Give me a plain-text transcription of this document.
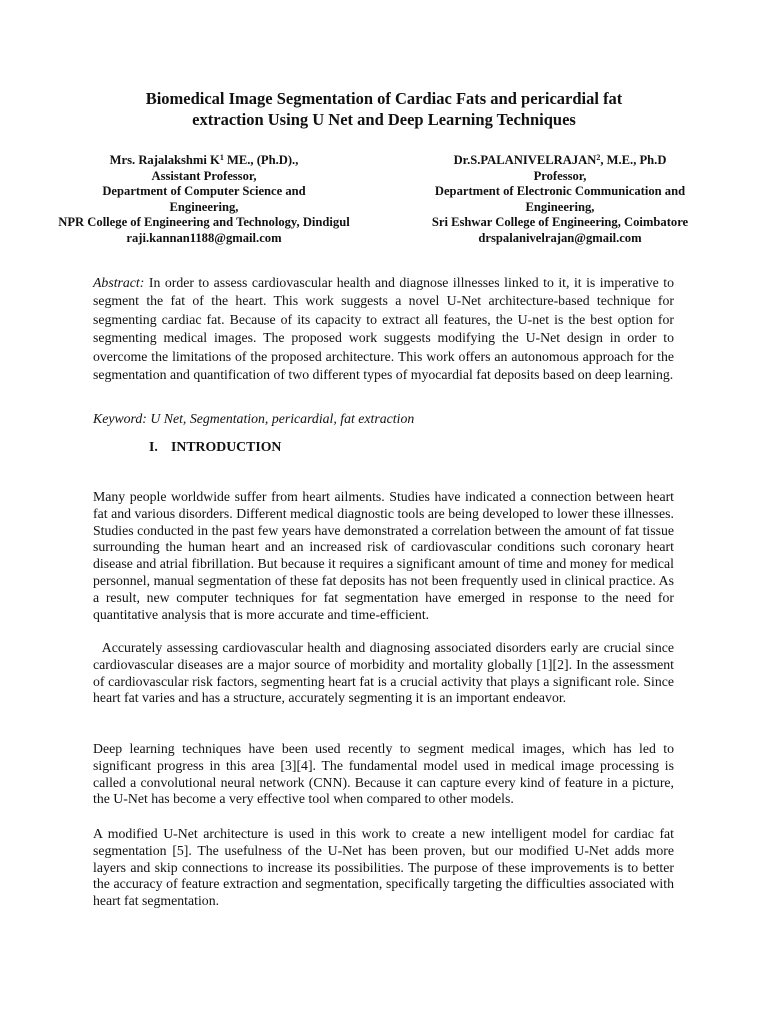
Biomedical Image Segmentation of Cardiac Fats and pericardial fat
extraction Using U Net and Deep Learning Techniques
Mrs. Rajalakshmi $K^1$ ME., (Ph.D).,
Assistant Professor,
Department of Computer Science and
Engineering,
NPR College of Engineering and Technology, Dindigul
raji.kannan1188@gmail.com
Dr.S.PALANIVELRAJAN$^2$, M.E., Ph.D
Professor,
Department of Electronic Communication and
Engineering,
Sri Eshwar College of Engineering, Coimbatore
drspalanivelrajan@gmail.com

Abstract: In order to assess cardiovascular health and diagnose illnesses linked to it, it is imperative to segment the fat of the heart. This work suggests a novel U-Net architecture-based technique for segmenting cardiac fat. Because of its capacity to extract all features, the U-net is the best option for segmenting medical images. The proposed work suggests modifying the U-Net design in order to overcome the limitations of the proposed architecture. This work offers an autonomous approach for the segmentation and quantification of two different types of myocardial fat deposits based on deep learning.

Keyword: U Net, Segmentation, pericardial, fat extraction

I. INTRODUCTION

Many people worldwide suffer from heart ailments. Studies have indicated a connection between heart fat and various disorders. Different medical diagnostic tools are being developed to lower these illnesses. Studies conducted in the past few years have demonstrated a correlation between the amount of fat tissue surrounding the human heart and an increased risk of cardiovascular conditions such coronary heart disease and atrial fibrillation. But because it requires a significant amount of time and money for medical personnel, manual segmentation of these fat deposits has not been frequently used in clinical practice. As a result, new computer techniques for fat segmentation have emerged in response to the need for quantitative analysis that is more accurate and time-efficient.

Accurately assessing cardiovascular health and diagnosing associated disorders early are crucial since cardiovascular diseases are a major source of morbidity and mortality globally [1][2]. In the assessment of cardiovascular risk factors, segmenting heart fat is a crucial activity that plays a significant role. Since heart fat varies and has a structure, accurately segmenting it is an important endeavor.

Deep learning techniques have been used recently to segment medical images, which has led to significant progress in this area [3][4]. The fundamental model used in medical image processing is called a convolutional neural network (CNN). Because it can capture every kind of feature in a picture, the U-Net has become a very effective tool when compared to other models.

A modified U-Net architecture is used in this work to create a new intelligent model for cardiac fat segmentation [5]. The usefulness of the U-Net has been proven, but our modified U-Net adds more layers and skip connections to increase its possibilities. The purpose of these improvements is to better the accuracy of feature extraction and segmentation, specifically targeting the difficulties associated with heart fat segmentation.
